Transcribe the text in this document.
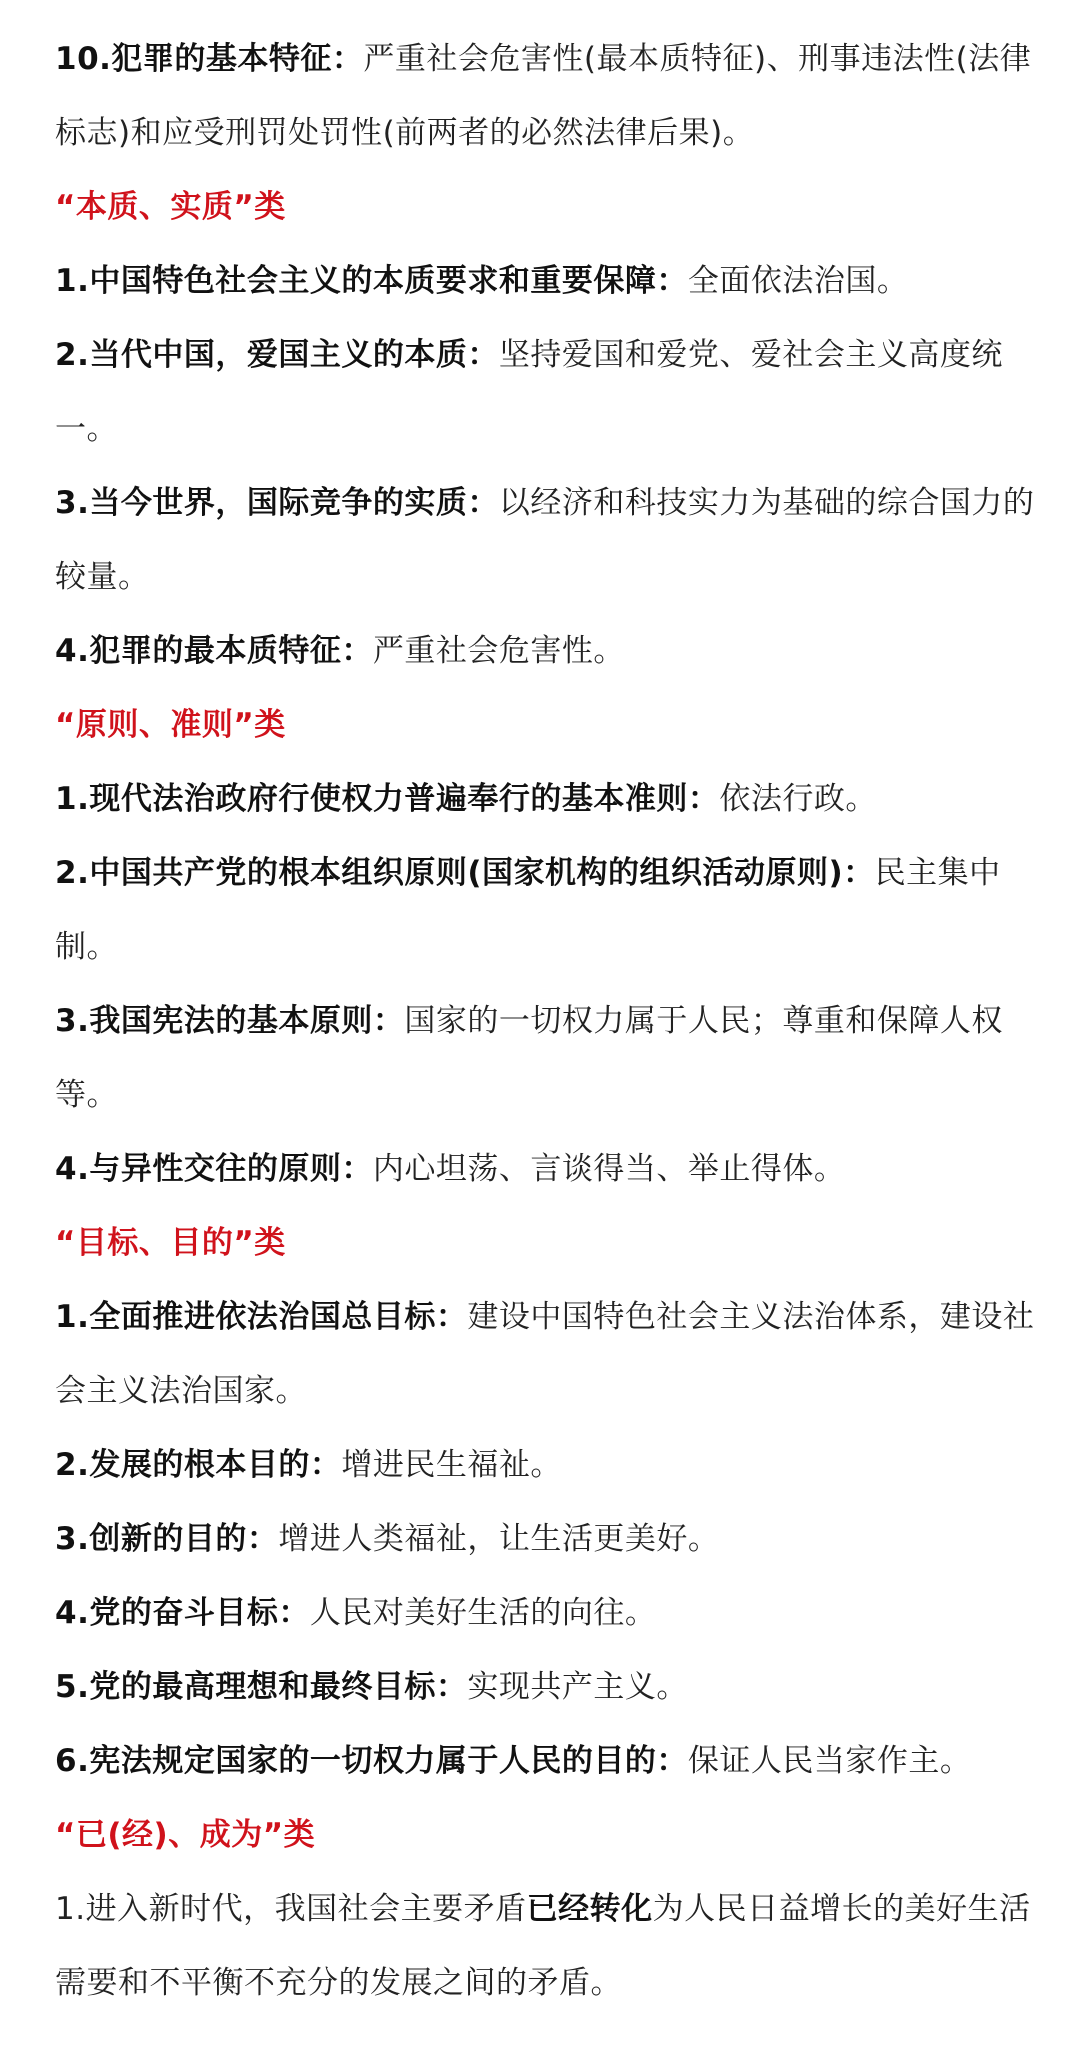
10.犯罪的基本特征：严重社会危害性(最本质特征)、刑事违法性(法律标志)和应受刑罚处罚性(前两者的必然法律后果)。

“本质、实质”类

1.中国特色社会主义的本质要求和重要保障：全面依法治国。

2.当代中国，爱国主义的本质：坚持爱国和爱党、爱社会主义高度统一。

3.当今世界，国际竞争的实质：以经济和科技实力为基础的综合国力的较量。

4.犯罪的最本质特征：严重社会危害性。

“原则、准则”类

1.现代法治政府行使权力普遍奉行的基本准则：依法行政。

2.中国共产党的根本组织原则(国家机构的组织活动原则)：民主集中制。

3.我国宪法的基本原则：国家的一切权力属于人民；尊重和保障人权等。

4.与异性交往的原则：内心坦荡、言谈得当、举止得体。

“目标、目的”类

1.全面推进依法治国总目标：建设中国特色社会主义法治体系，建设社会主义法治国家。

2.发展的根本目的：增进民生福祉。

3.创新的目的：增进人类福祉，让生活更美好。

4.党的奋斗目标：人民对美好生活的向往。

5.党的最高理想和最终目标：实现共产主义。

6.宪法规定国家的一切权力属于人民的目的：保证人民当家作主。

“已(经)、成为”类

1.进入新时代，我国社会主要矛盾已经转化为人民日益增长的美好生活需要和不平衡不充分的发展之间的矛盾。
